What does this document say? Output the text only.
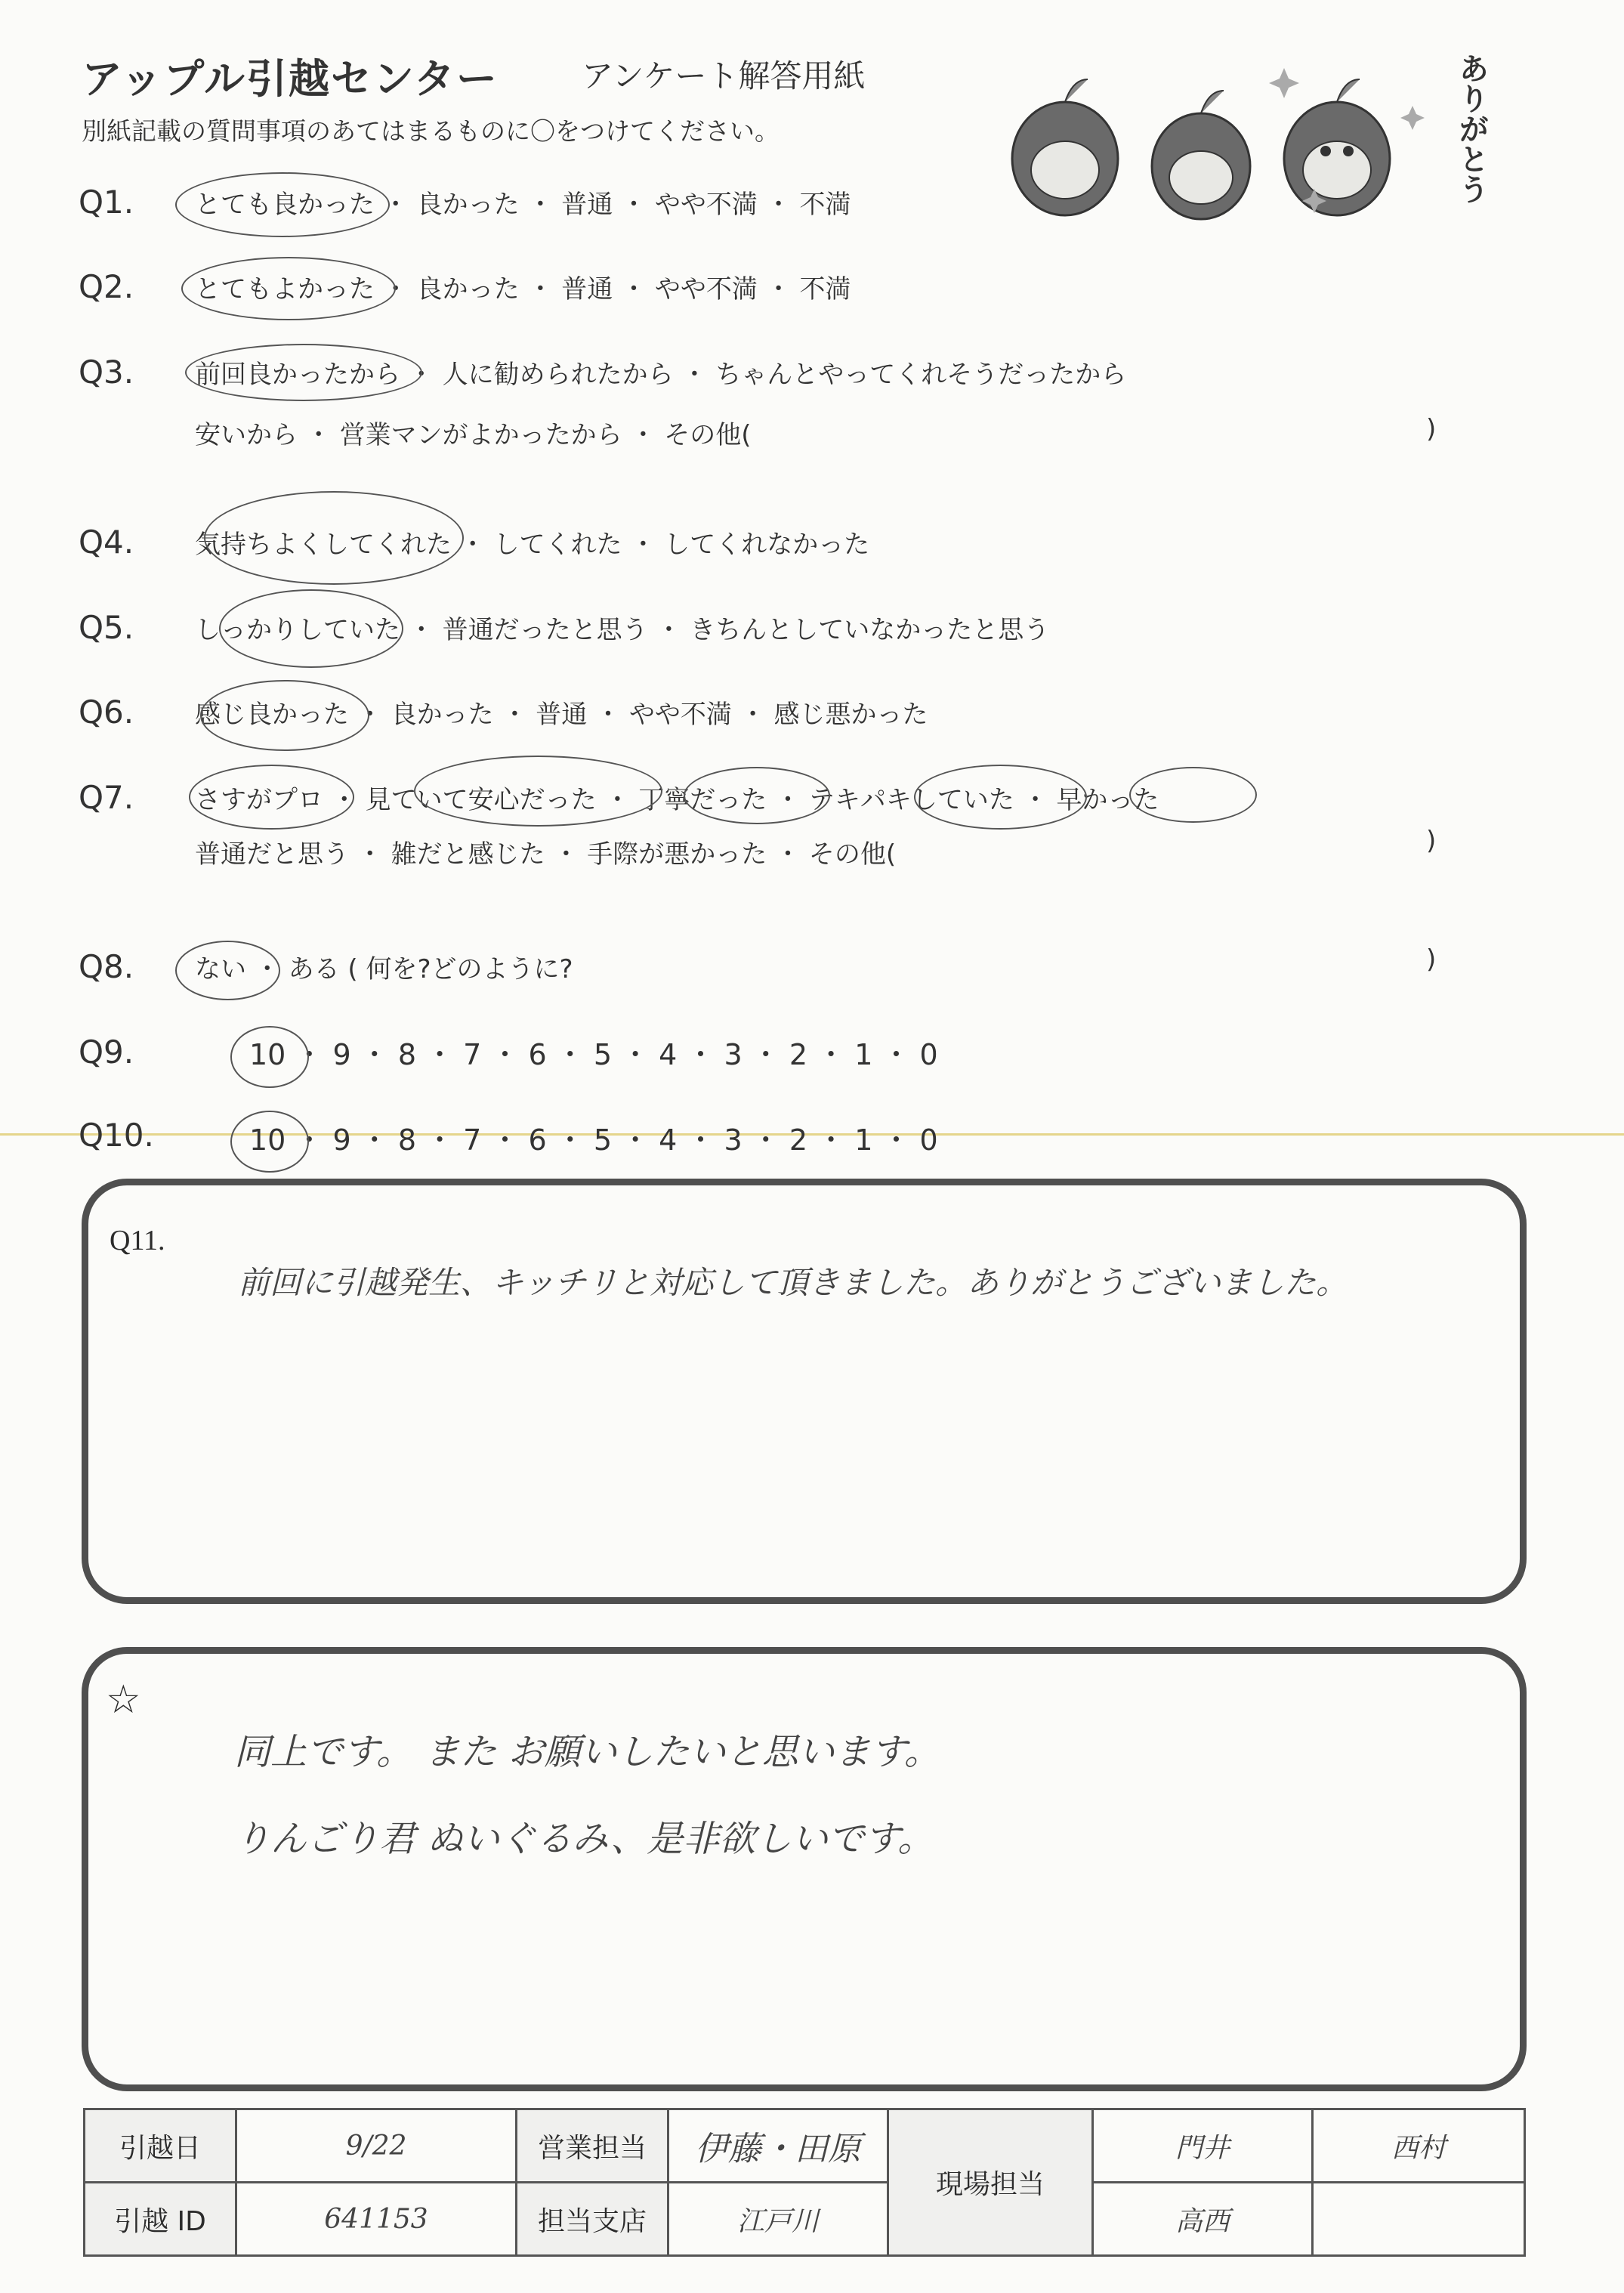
アップル引越センター	アンケート解答用紙
別紙記載の質問事項のあてはまるものに〇をつけてください。	ありがとう
Q1. とても良かった ・ 良かった ・ 普通 ・ やや不満 ・ 不満
Q2. とてもよかった ・ 良かった ・ 普通 ・ やや不満 ・ 不満
Q3. 前回良かったから ・ 人に勧められたから ・ ちゃんとやってくれそうだったから
安いから ・ 営業マンがよかったから ・ その他(	)
Q4. 気持ちよくしてくれた ・ してくれた ・ してくれなかった
Q5. しっかりしていた ・ 普通だったと思う ・ きちんとしていなかったと思う
Q6. 感じ良かった ・ 良かった ・ 普通 ・ やや不満 ・ 感じ悪かった
Q7. さすがプロ ・ 見ていて安心だった ・ 丁寧だった ・ テキパキしていた ・ 早かった
普通だと思う ・ 雑だと感じた ・ 手際が悪かった ・ その他(	)
Q8. ない ・ ある ( 何を?どのように?	)
Q9.	10 ・ 9 ・ 8 ・ 7 ・ 6 ・ 5 ・ 4 ・ 3 ・ 2 ・ 1 ・ 0
Q10.	10 ・ 9 ・ 8 ・ 7 ・ 6 ・ 5 ・ 4 ・ 3 ・ 2 ・ 1 ・ 0
Q11.
前回に引越発生、キッチリと対応して頂きました。ありがとうございました。
☆
同上です。 また お願いしたいと思います。
りんごり君 ぬいぐるみ、是非欲しいです。
引越日	9/22	営業担当	伊藤・田原	現場担当	門井	西村
引越 ID	641153	担当支店	江戸川		高西	
